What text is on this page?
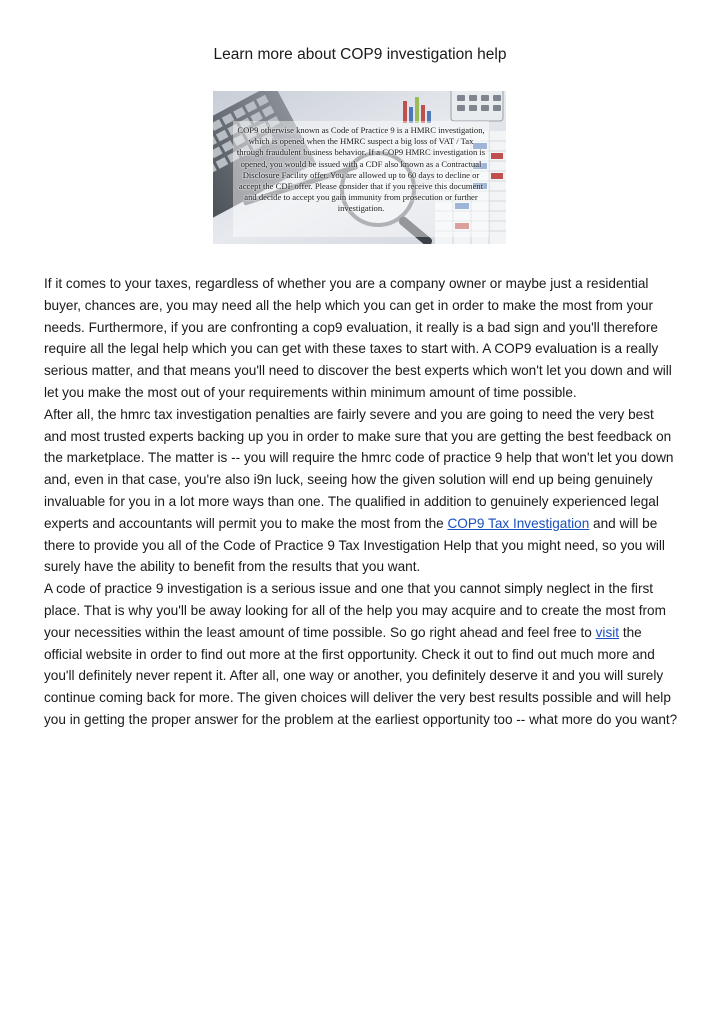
Learn more about COP9 investigation help
COP9 otherwise known as Code of Practice 9 is a HMRC investigation, which is opened when the HMRC suspect a big loss of VAT / Tax through fraudulent business behavior. If a COP9 HMRC investigation is opened, you would be issued with a CDF also known as a Contractual Disclosure Facility offer. You are allowed up to 60 days to decline or accept the CDF offer. Please consider that if you receive this document and decide to accept you gain immunity from prosecution or further investigation.

If it comes to your taxes, regardless of whether you are a company owner or maybe just a residential buyer, chances are, you may need all the help which you can get in order to make the most from your needs. Furthermore, if you are confronting a cop9 evaluation, it really is a bad sign and you'll therefore require all the legal help which you can get with these taxes to start with. A COP9 evaluation is a really serious matter, and that means you'll need to discover the best experts which won't let you down and will let you make the most out of your requirements within minimum amount of time possible.

After all, the hmrc tax investigation penalties are fairly severe and you are going to need the very best and most trusted experts backing up you in order to make sure that you are getting the best feedback on the marketplace. The matter is -- you will require the hmrc code of practice 9 help that won't let you down and, even in that case, you're also i9n luck, seeing how the given solution will end up being genuinely invaluable for you in a lot more ways than one. The qualified in addition to genuinely experienced legal experts and accountants will permit you to make the most from the COP9 Tax Investigation and will be there to provide you all of the Code of Practice 9 Tax Investigation Help that you might need, so you will surely have the ability to benefit from the results that you want.

A code of practice 9 investigation is a serious issue and one that you cannot simply neglect in the first place. That is why you'll be away looking for all of the help you may acquire and to create the most from your necessities within the least amount of time possible. So go right ahead and feel free to visit the official website in order to find out more at the first opportunity. Check it out to find out much more and you'll definitely never repent it. After all, one way or another, you definitely deserve it and you will surely continue coming back for more. The given choices will deliver the very best results possible and will help you in getting the proper answer for the problem at the earliest opportunity too -- what more do you want?
